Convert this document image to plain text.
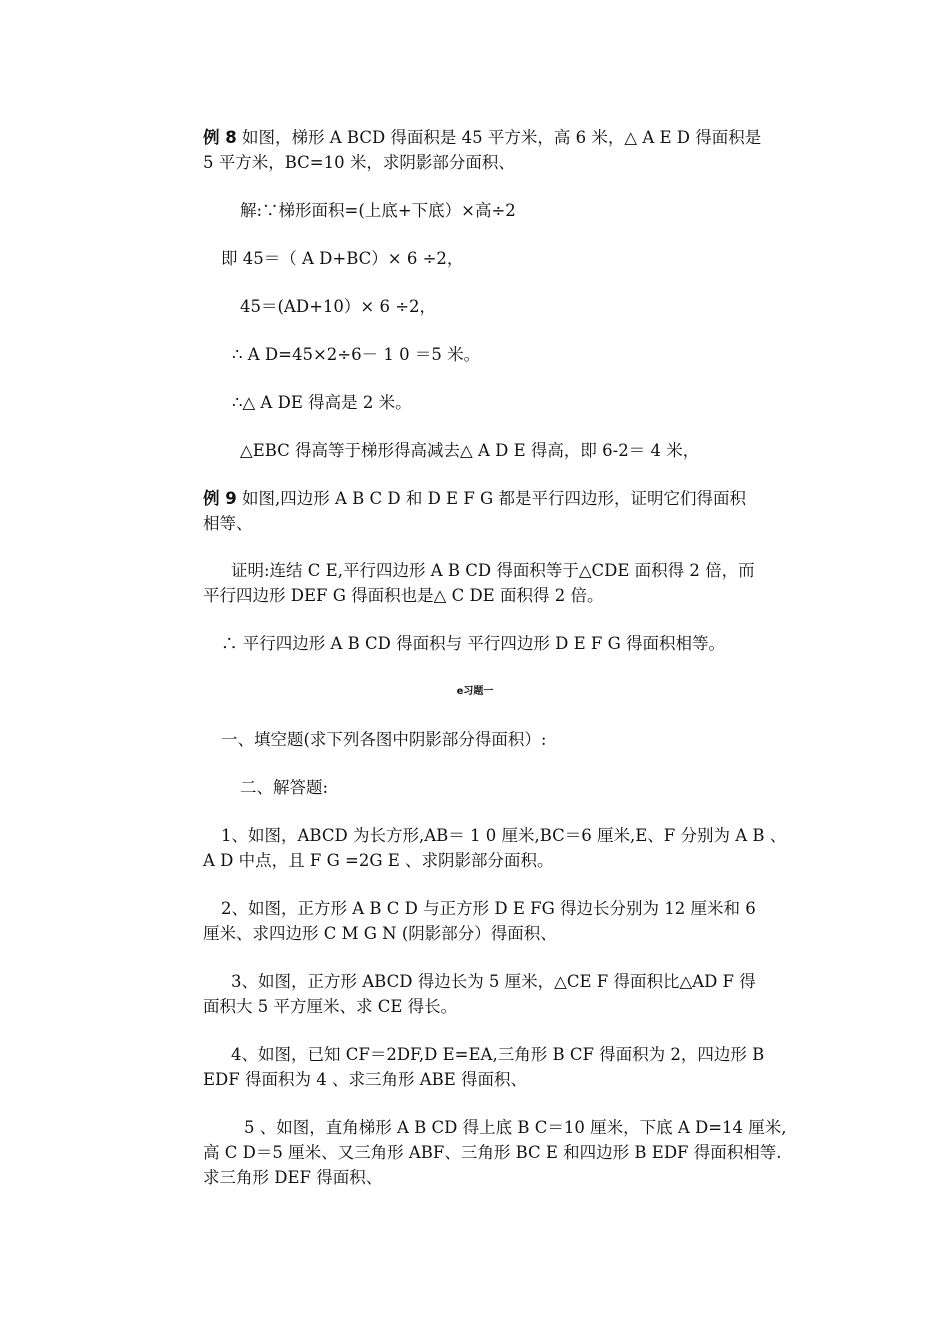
例 8 如图，梯形 A BCD 得面积是 45 平方米，高 6 米，△ A E D 得面积是
5 平方米，BC=10 米，求阴影部分面积、
解:∵梯形面积=(上底+下底）×高÷2
即 45＝（ A D+BC）× 6 ÷2，
45＝(AD+10）× 6 ÷2，
∴ A D=45×2÷6－ 1 0 ＝5 米。
∴△ A DE 得高是 2 米。
△EBC 得高等于梯形得高减去△ A D E 得高，即 6-2＝ 4 米，
例 9 如图,四边形 A B C D 和 D E F G 都是平行四边形，证明它们得面积
相等、
证明:连结 C E,平行四边形 A B CD 得面积等于△CDE 面积得 2 倍，而
平行四边形 DEF G 得面积也是△ C DE 面积得 2 倍。
∴ 平行四边形 A B CD 得面积与 平行四边形 D E F G 得面积相等。
e习题一
一、填空题(求下列各图中阴影部分得面积）:
二、解答题:
1、如图，ABCD 为长方形,AB＝ 1 0 厘米,BC＝6 厘米,E、F 分别为 A B 、
A D 中点，且 F G =2G E 、求阴影部分面积。
2、如图，正方形 A B C D 与正方形 D E FG 得边长分别为 12 厘米和 6
厘米、求四边形 C M G N (阴影部分）得面积、
3、如图，正方形 ABCD 得边长为 5 厘米，△CE F 得面积比△AD F 得
面积大 5 平方厘米、求 CE 得长。
4、如图，已知 CF＝2DF,D E=EA,三角形 B CF 得面积为 2，四边形 B
EDF 得面积为 4 、求三角形 ABE 得面积、
5 、如图，直角梯形 A B CD 得上底 B C＝10 厘米，下底 A D=14 厘米,
高 C D＝5 厘米、又三角形 ABF、三角形 BC E 和四边形 B EDF 得面积相等.
求三角形 DEF 得面积、
